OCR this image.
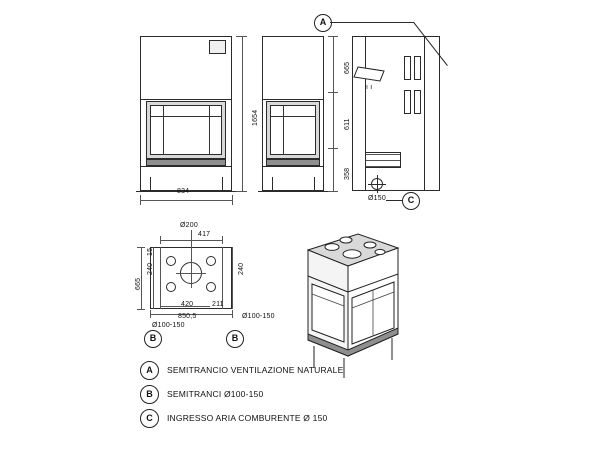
1654
834
665
611
358
ı ı
Ø150
A
C
Ø200
417
665
240
15
240
420	211
850,5	Ø100-150
Ø100-150
B	B
A	SEMITRANCIO VENTILAZIONE NATURALE
B	SEMITRANCI Ø100-150
C	INGRESSO ARIA COMBURENTE Ø 150
